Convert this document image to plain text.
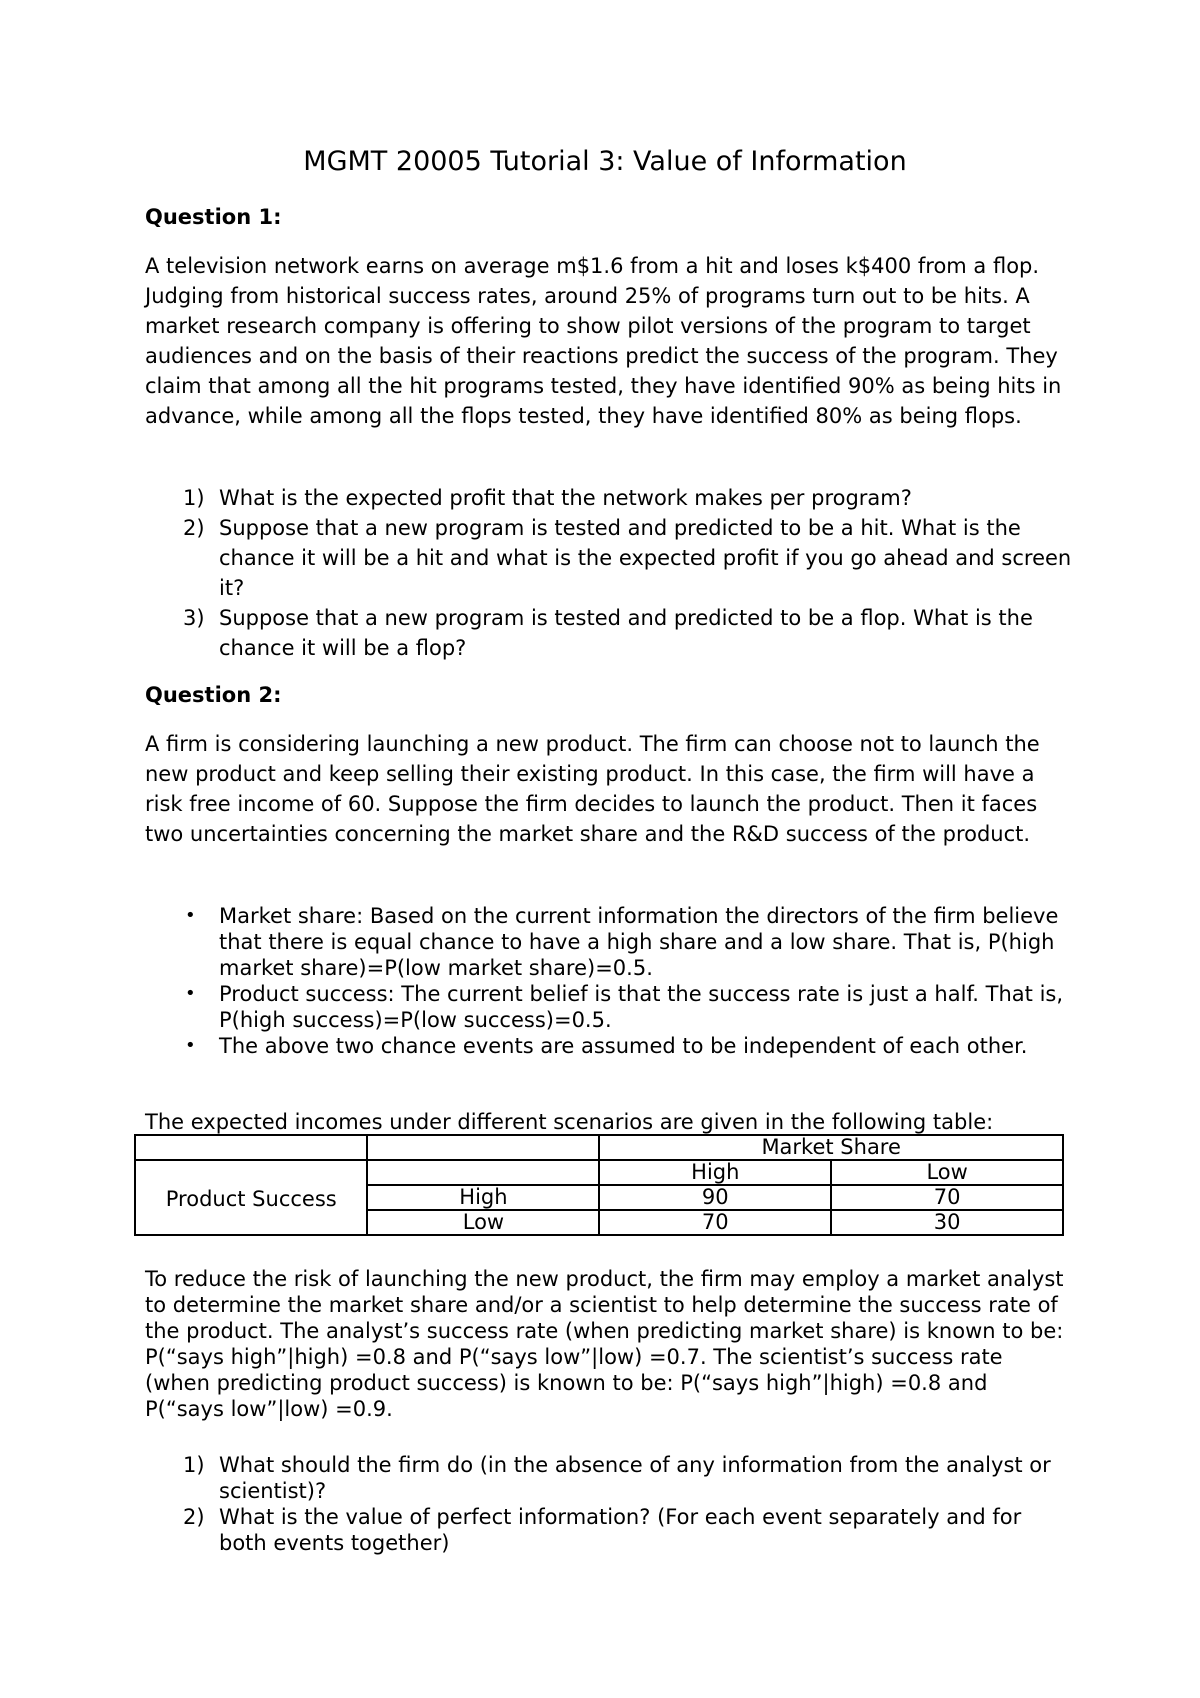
MGMT 20005 Tutorial 3: Value of Information
Question 1:
A television network earns on average m$1.6 from a hit and loses k$400 from a flop. Judging from historical success rates, around 25% of programs turn out to be hits. A market research company is offering to show pilot versions of the program to target audiences and on the basis of their reactions predict the success of the program. They claim that among all the hit programs tested, they have identified 90% as being hits in advance, while among all the flops tested, they have identified 80% as being flops.
1) What is the expected profit that the network makes per program?
2) Suppose that a new program is tested and predicted to be a hit. What is the chance it will be a hit and what is the expected profit if you go ahead and screen it?
3) Suppose that a new program is tested and predicted to be a flop. What is the chance it will be a flop?
Question 2:
A firm is considering launching a new product. The firm can choose not to launch the new product and keep selling their existing product. In this case, the firm will have a risk free income of 60. Suppose the firm decides to launch the product. Then it faces two uncertainties concerning the market share and the R&D success of the product.
• Market share: Based on the current information the directors of the firm believe that there is equal chance to have a high share and a low share. That is, P(high market share)=P(low market share)=0.5.
• Product success: The current belief is that the success rate is just a half. That is, P(high success)=P(low success)=0.5.
• The above two chance events are assumed to be independent of each other.
The expected incomes under different scenarios are given in the following table:
		Market Share	

Product Success		High	Low
	High	90	70
	Low	70	30
To reduce the risk of launching the new product, the firm may employ a market analyst to determine the market share and/or a scientist to help determine the success rate of the product. The analyst’s success rate (when predicting market share) is known to be: P(“says high”|high) =0.8 and P(“says low”|low) =0.7. The scientist’s success rate (when predicting product success) is known to be: P(“says high”|high) =0.8 and P(“says low”|low) =0.9.
1) What should the firm do (in the absence of any information from the analyst or scientist)?
2) What is the value of perfect information? (For each event separately and for both events together)
